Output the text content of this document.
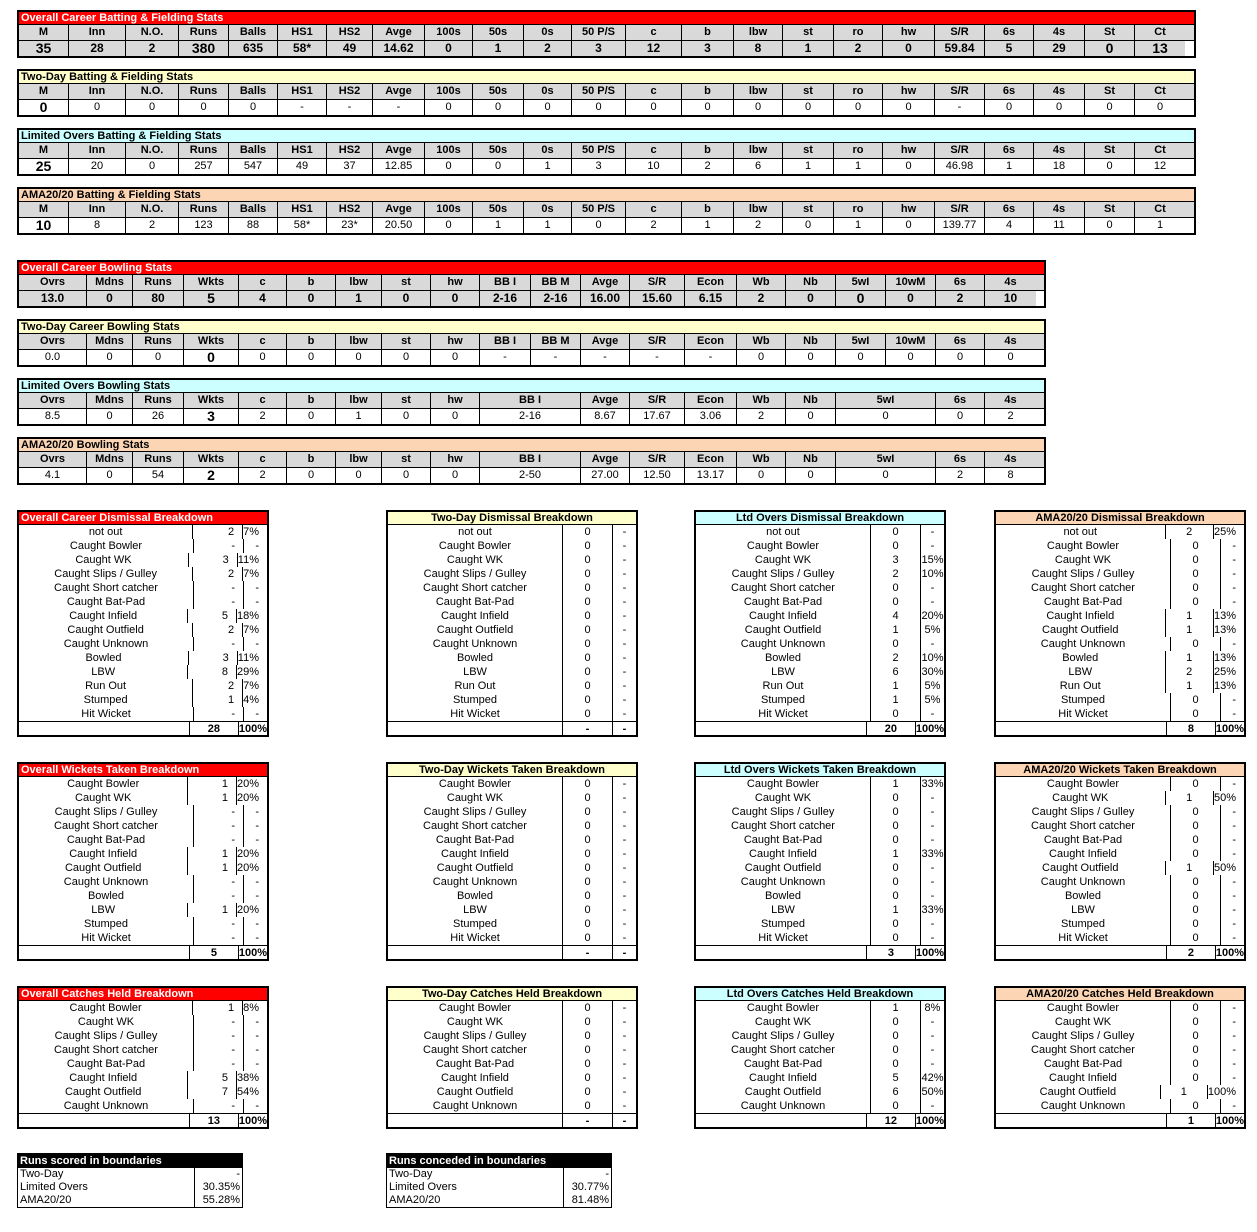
Overall Career Batting & Fielding Stats
M	Inn	N.O.	Runs	Balls	HS1	HS2	Avge	100s	50s	0s	50 P/S	c	b	lbw	st	ro	hw	S/R	6s	4s	St	Ct
35	28	2	380	635	58*	49	14.62	0	1	2	3	12	3	8	1	2	0	59.84	5	29	0	13
Two-Day Batting & Fielding Stats
M	Inn	N.O.	Runs	Balls	HS1	HS2	Avge	100s	50s	0s	50 P/S	c	b	lbw	st	ro	hw	S/R	6s	4s	St	Ct
0	0	0	0	0	-	-	-	0	0	0	0	0	0	0	0	0	0	-	0	0	0	0
Limited Overs Batting & Fielding Stats
M	Inn	N.O.	Runs	Balls	HS1	HS2	Avge	100s	50s	0s	50 P/S	c	b	lbw	st	ro	hw	S/R	6s	4s	St	Ct
25	20	0	257	547	49	37	12.85	0	0	1	3	10	2	6	1	1	0	46.98	1	18	0	12
AMA20/20 Batting & Fielding Stats
M	Inn	N.O.	Runs	Balls	HS1	HS2	Avge	100s	50s	0s	50 P/S	c	b	lbw	st	ro	hw	S/R	6s	4s	St	Ct
10	8	2	123	88	58*	23*	20.50	0	1	1	0	2	1	2	0	1	0	139.77	4	11	0	1
Overall Career Bowling Stats
Ovrs	Mdns	Runs	Wkts	c	b	lbw	st	hw	BB I	BB M	Avge	S/R	Econ	Wb	Nb	5wI	10wM	6s	4s
13.0	0	80	5	4	0	1	0	0	2-16	2-16	16.00	15.60	6.15	2	0	0	0	2	10
Two-Day Career Bowling Stats
Ovrs	Mdns	Runs	Wkts	c	b	lbw	st	hw	BB I	BB M	Avge	S/R	Econ	Wb	Nb	5wI	10wM	6s	4s
0.0	0	0	0	0	0	0	0	0	-	-	-	-	-	0	0	0	0	0	0
Limited Overs Bowling Stats
Ovrs	Mdns	Runs	Wkts	c	b	lbw	st	hw	BB I	Avge	S/R	Econ	Wb	Nb	5wI	6s	4s
8.5	0	26	3	2	0	1	0	0	2-16	8.67	17.67	3.06	2	0	0	0	2
AMA20/20 Bowling Stats
Ovrs	Mdns	Runs	Wkts	c	b	lbw	st	hw	BB I	Avge	S/R	Econ	Wb	Nb	5wI	6s	4s
4.1	0	54	2	2	0	0	0	0	2-50	27.00	12.50	13.17	0	0	0	2	8
Overall Career Dismissal Breakdown
not out	2 7%
Caught Bowler	-	-
Caught WK	3 11%
Caught Slips / Gulley	2 7%
Caught Short catcher	-	-
Caught Bat-Pad	-	-
Caught Infield	5 18%
Caught Outfield	2 7%
Caught Unknown	-	-
Bowled	3 11%
LBW	8 29%
Run Out	2 7%
Stumped	1 4%
Hit Wicket	-	-
28	100%
Two-Day Dismissal Breakdown
not out	0	-
Caught Bowler	0	-
Caught WK	0	-
Caught Slips / Gulley	0	-
Caught Short catcher	0	-
Caught Bat-Pad	0	-
Caught Infield	0	-
Caught Outfield	0	-
Caught Unknown	0	-
Bowled	0	-
LBW	0	-
Run Out	0	-
Stumped	0	-
Hit Wicket	0	-
-	-
Ltd Overs Dismissal Breakdown
not out	0	-
Caught Bowler	0	-
Caught WK	3	15%
Caught Slips / Gulley	2	10%
Caught Short catcher	0	-
Caught Bat-Pad	0	-
Caught Infield	4	20%
Caught Outfield	1	5%
Caught Unknown	0	-
Bowled	2	10%
LBW	6	30%
Run Out	1	5%
Stumped	1	5%
Hit Wicket	0	-
20	100%
AMA20/20 Dismissal Breakdown
not out	2	25%
Caught Bowler	0	-
Caught WK	0	-
Caught Slips / Gulley	0	-
Caught Short catcher	0	-
Caught Bat-Pad	0	-
Caught Infield	1	13%
Caught Outfield	1	13%
Caught Unknown	0	-
Bowled	1	13%
LBW	2	25%
Run Out	1	13%
Stumped	0	-
Hit Wicket	0	-
8	100%
Overall Wickets Taken Breakdown
Caught Bowler	1 20%
Caught WK	1 20%
Caught Slips / Gulley	-	-
Caught Short catcher	-	-
Caught Bat-Pad	-	-
Caught Infield	1 20%
Caught Outfield	1 20%
Caught Unknown	-	-
Bowled	-	-
LBW	1 20%
Stumped	-	-
Hit Wicket	-	-
5	100%
Two-Day Wickets Taken Breakdown
Caught Bowler	0	-
Caught WK	0	-
Caught Slips / Gulley	0	-
Caught Short catcher	0	-
Caught Bat-Pad	0	-
Caught Infield	0	-
Caught Outfield	0	-
Caught Unknown	0	-
Bowled	0	-
LBW	0	-
Stumped	0	-
Hit Wicket	0	-
-	-
Ltd Overs Wickets Taken Breakdown
Caught Bowler	1	33%
Caught WK	0	-
Caught Slips / Gulley	0	-
Caught Short catcher	0	-
Caught Bat-Pad	0	-
Caught Infield	1	33%
Caught Outfield	0	-
Caught Unknown	0	-
Bowled	0	-
LBW	1	33%
Stumped	0	-
Hit Wicket	0	-
3	100%
AMA20/20 Wickets Taken Breakdown
Caught Bowler	0	-
Caught WK	1	50%
Caught Slips / Gulley	0	-
Caught Short catcher	0	-
Caught Bat-Pad	0	-
Caught Infield	0	-
Caught Outfield	1	50%
Caught Unknown	0	-
Bowled	0	-
LBW	0	-
Stumped	0	-
Hit Wicket	0	-
2	100%
Overall Catches Held Breakdown
Caught Bowler	1 8%
Caught WK	-	-
Caught Slips / Gulley	-	-
Caught Short catcher	-	-
Caught Bat-Pad	-	-
Caught Infield	5 38%
Caught Outfield	7 54%
Caught Unknown	-	-
13	100%
Two-Day Catches Held Breakdown
Caught Bowler	0	-
Caught WK	0	-
Caught Slips / Gulley	0	-
Caught Short catcher	0	-
Caught Bat-Pad	0	-
Caught Infield	0	-
Caught Outfield	0	-
Caught Unknown	0	-
-	-
Ltd Overs Catches Held Breakdown
Caught Bowler	1	8%
Caught WK	0	-
Caught Slips / Gulley	0	-
Caught Short catcher	0	-
Caught Bat-Pad	0	-
Caught Infield	5	42%
Caught Outfield	6	50%
Caught Unknown	0	-
12	100%
AMA20/20 Catches Held Breakdown
Caught Bowler	0	-
Caught WK	0	-
Caught Slips / Gulley	0	-
Caught Short catcher	0	-
Caught Bat-Pad	0	-
Caught Infield	0	-
Caught Outfield	1	100%
Caught Unknown	0	-
1	100%
Runs scored in boundaries
Two-Day	-
Limited Overs	30.35%
AMA20/20	55.28%
Runs conceded in boundaries
Two-Day	-
Limited Overs	30.77%
AMA20/20	81.48%
